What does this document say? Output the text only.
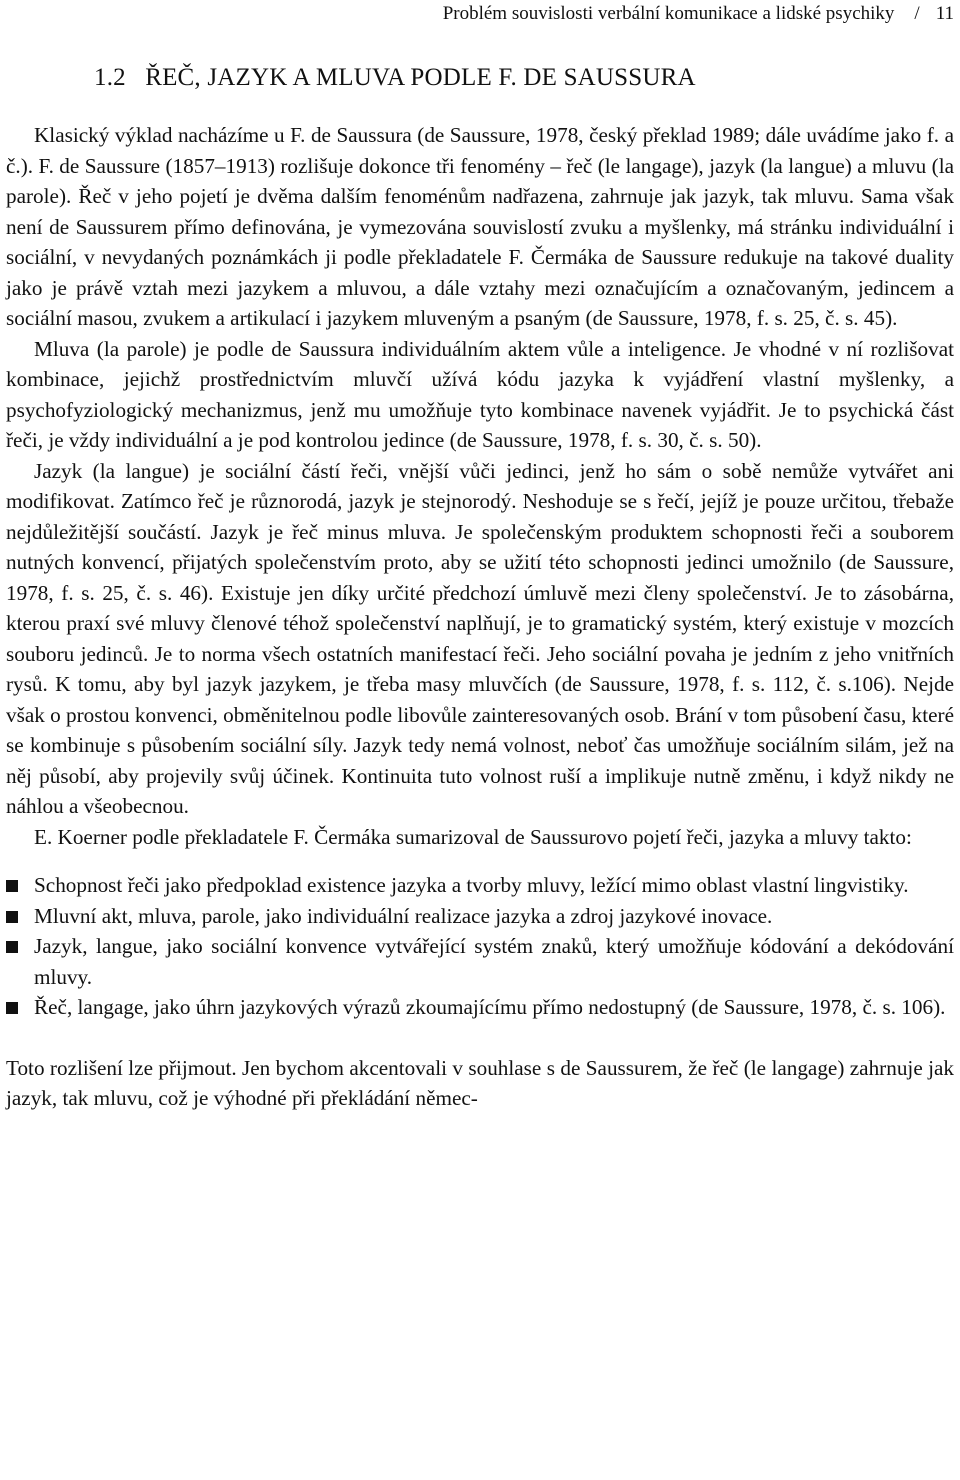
Problém souvislosti verbální komunikace a lidské psychiky / 11
1.2   ŘEČ, JAZYK A MLUVA PODLE F. DE SAUSSURA

Klasický výklad nacházíme u F. de Saussura (de Saussure, 1978, český překlad 1989; dále uvádíme jako f. a č.). F. de Saussure (1857–1913) rozlišuje dokonce tři fenomény – řeč (le langage), jazyk (la langue) a mluvu (la parole). Řeč v jeho pojetí je dvěma dalším fenoménům nadřazena, zahrnuje jak jazyk, tak mluvu. Sama však není de Saussurem přímo definována, je vymezována souvislostí zvuku a myšlenky, má stránku individuální i sociální, v nevydaných poznámkách ji podle překladatele F. Čermáka de Saussure redukuje na takové duality jako je právě vztah mezi jazykem a mluvou, a dále vztahy mezi označujícím a označovaným, jedincem a sociální masou, zvukem a artikulací i jazykem mluveným a psaným (de Saussure, 1978, f. s. 25, č. s. 45).

Mluva (la parole) je podle de Saussura individuálním aktem vůle a inteligence. Je vhodné v ní rozlišovat kombinace, jejichž prostřednictvím mluvčí užívá kódu jazyka k vyjádření vlastní myšlenky, a psychofyziologický mechanizmus, jenž mu umožňuje tyto kombinace navenek vyjádřit. Je to psychická část řeči, je vždy individuální a je pod kontrolou jedince (de Saussure, 1978, f. s. 30, č. s. 50).

Jazyk (la langue) je sociální částí řeči, vnější vůči jedinci, jenž ho sám o sobě nemůže vytvářet ani modifikovat. Zatímco řeč je různorodá, jazyk je stejnorodý. Neshoduje se s řečí, jejíž je pouze určitou, třebaže nejdůležitější součástí. Jazyk je řeč minus mluva. Je společenským produktem schopnosti řeči a souborem nutných konvencí, přijatých společenstvím proto, aby se užití této schopnosti jedinci umožnilo (de Saussure, 1978, f. s. 25, č. s. 46). Existuje jen díky určité předchozí úmluvě mezi členy společenství. Je to zásobárna, kterou praxí své mluvy členové téhož společenství naplňují, je to gramatický systém, který existuje v mozcích souboru jedinců. Je to norma všech ostatních manifestací řeči. Jeho sociální povaha je jedním z jeho vnitřních rysů. K tomu, aby byl jazyk jazykem, je třeba masy mluvčích (de Saussure, 1978, f. s. 112, č. s.106). Nejde však o prostou konvenci, obměnitelnou podle libovůle zainteresovaných osob. Brání v tom působení času, které se kombinuje s působením sociální síly. Jazyk tedy nemá volnost, neboť čas umožňuje sociálním silám, jež na něj působí, aby projevily svůj účinek. Kontinuita tuto volnost ruší a implikuje nutně změnu, i když nikdy ne náhlou a všeobecnou.

E. Koerner podle překladatele F. Čermáka sumarizoval de Saussurovo pojetí řeči, jazyka a mluvy takto:

Schopnost řeči jako předpoklad existence jazyka a tvorby mluvy, ležící mimo oblast vlastní lingvistiky.
Mluvní akt, mluva, parole, jako individuální realizace jazyka a zdroj jazykové inovace.
Jazyk, langue, jako sociální konvence vytvářející systém znaků, který umožňuje kódování a dekódování mluvy.
Řeč, langage, jako úhrn jazykových výrazů zkoumajícímu přímo nedostupný (de Saussure, 1978, č. s. 106).

Toto rozlišení lze přijmout. Jen bychom akcentovali v souhlase s de Saussurem, že řeč (le langage) zahrnuje jak jazyk, tak mluvu, což je výhodné při překládání němec-
